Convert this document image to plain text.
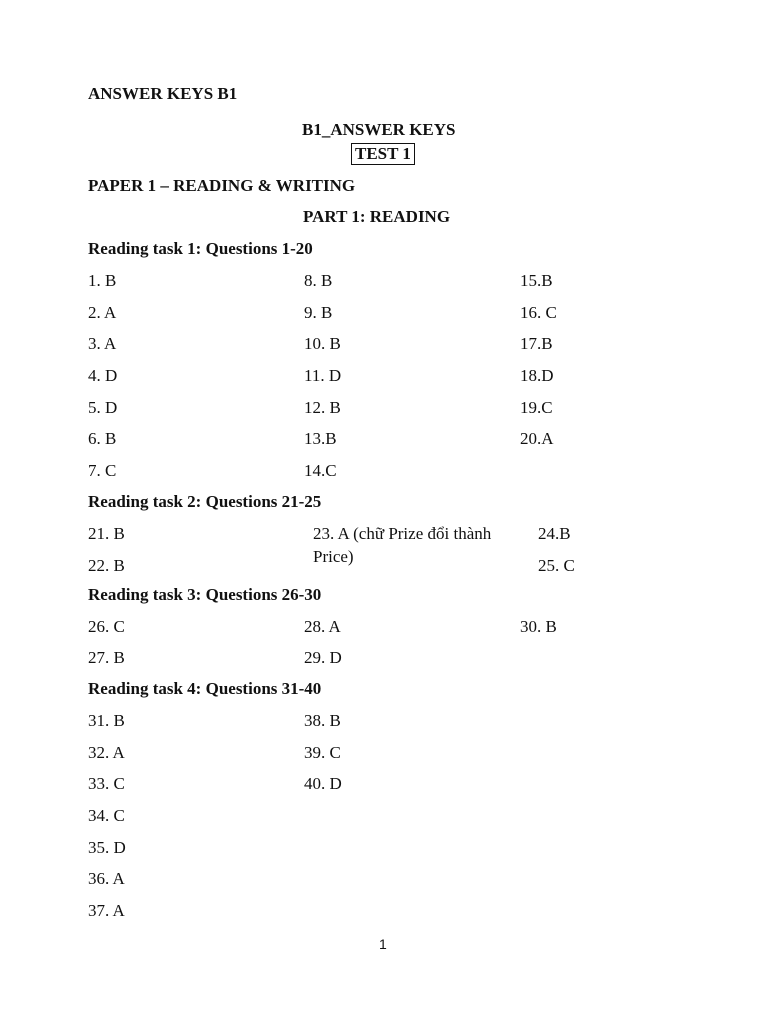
ANSWER KEYS B1
B1_ANSWER KEYS
TEST 1
PAPER 1 – READING & WRITING
PART 1: READING
Reading task 1: Questions 1-20
1. B
2. A
3. A
4. D
5. D
6. B
7. C
8. B
9. B
10. B
11. D
12. B
13.B
14.C
15.B
16. C
17.B
18.D
19.C
20.A
Reading task 2: Questions 21-25
21. B
22. B
23. A (chữ Prize đổi thành
Price)
24.B
25. C
Reading task 3: Questions 26-30
26. C
27. B
28. A
29. D
30. B
Reading task 4: Questions 31-40
31. B
32. A
33. C
34. C
35. D
36. A
37. A
38. B
39. C
40. D
1
